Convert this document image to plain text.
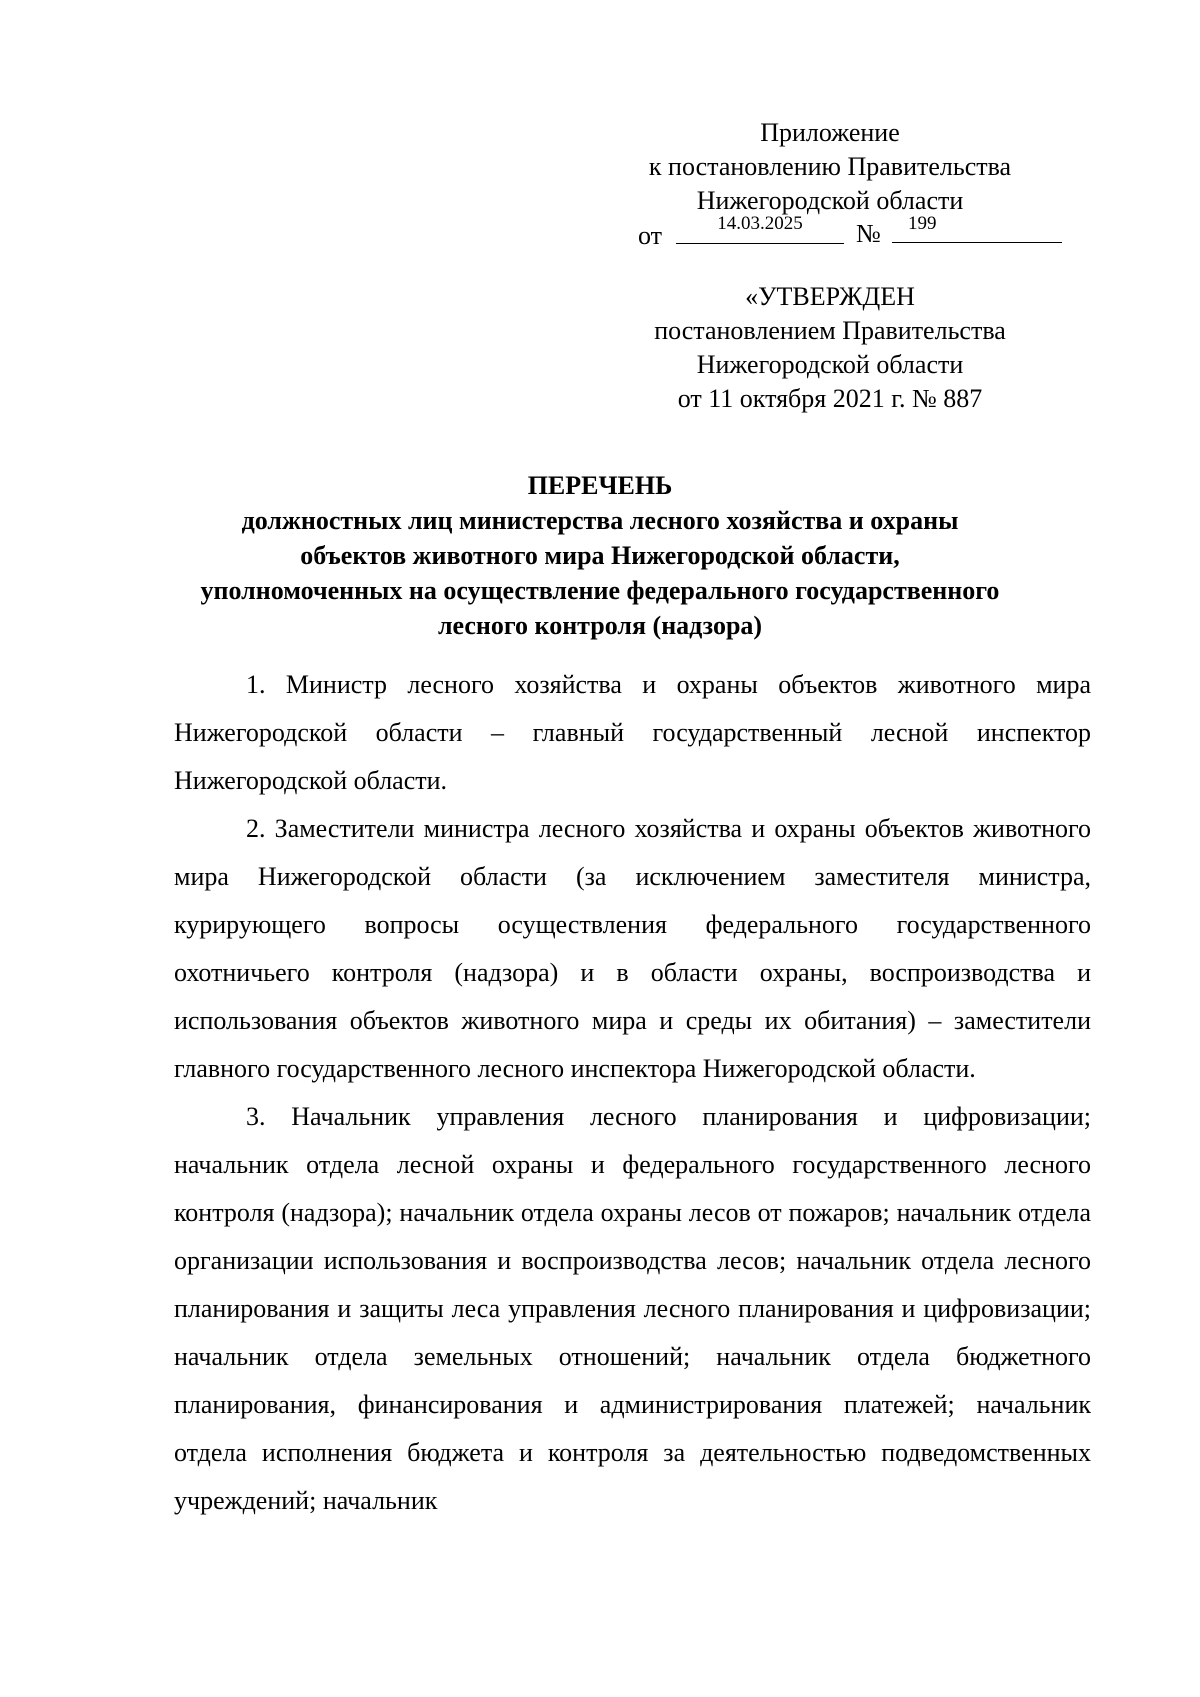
Приложение
к постановлению Правительства
Нижегородской области
от	14.03.2025	№	199
«УТВЕРЖДЕН
постановлением Правительства
Нижегородской области
от 11 октября 2021 г. № 887
ПЕРЕЧЕНЬ
должностных лиц министерства лесного хозяйства и охраны
объектов животного мира Нижегородской области,
уполномоченных на осуществление федерального государственного
лесного контроля (надзора)

1. Министр лесного хозяйства и охраны объектов животного мира Нижегородской области – главный государственный лесной инспектор Нижегородской области.

2. Заместители министра лесного хозяйства и охраны объектов животного мира Нижегородской области (за исключением заместителя министра, курирующего вопросы осуществления федерального государственного охотничьего контроля (надзора) и в области охраны, воспроизводства и использования объектов животного мира и среды их обитания) – заместители главного государственного лесного инспектора Нижегородской области.

3. Начальник управления лесного планирования и цифровизации; начальник отдела лесной охраны и федерального государственного лесного контроля (надзора); начальник отдела охраны лесов от пожаров; начальник отдела организации использования и воспроизводства лесов; начальник отдела лесного планирования и защиты леса управления лесного планирования и цифровизации; начальник отдела земельных отношений; начальник отдела бюджетного планирования, финансирования и администрирования платежей; начальник отдела исполнения бюджета и контроля за деятельностью подведомственных учреждений; начальник
